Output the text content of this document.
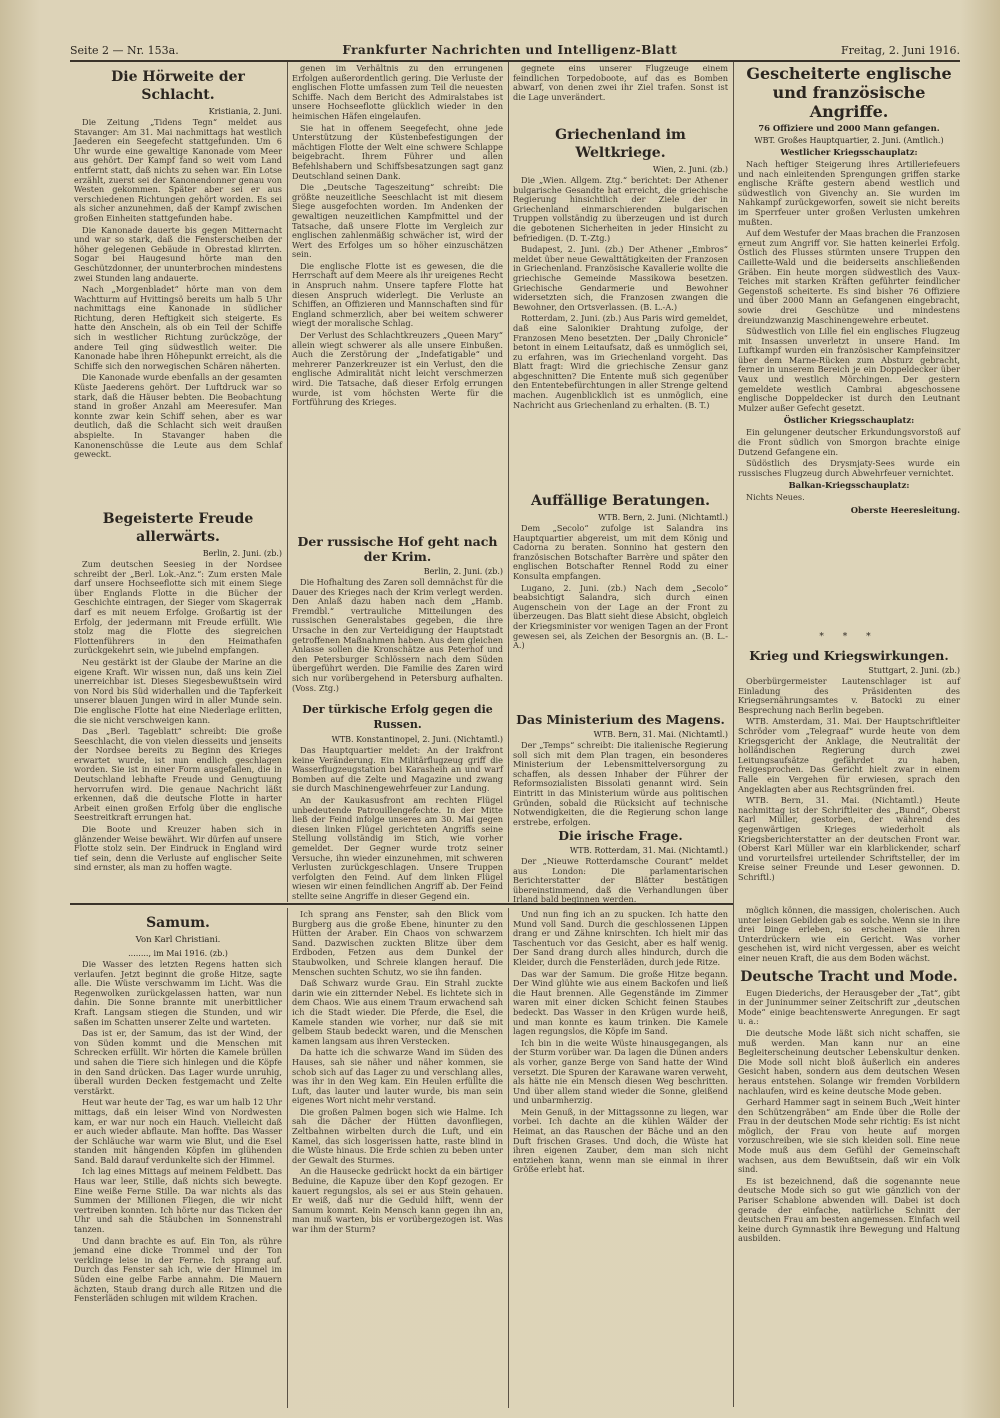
Seite 2 — Nr. 153a.	Frankfurter Nachrichten und Intelligenz-Blatt	Freitag, 2. Juni 1916.
Die Hörweite der Schlacht.
Kristiania, 2. Juni.

Die Zeitung „Tidens Tegn“ meldet aus Stavanger: Am 31. Mai nachmittags hat westlich Jaederen ein Seegefecht stattgefunden. Um 6 Uhr wurde eine gewaltige Kanonade vom Meer aus gehört. Der Kampf fand so weit vom Land entfernt statt, daß nichts zu sehen war. Ein Lotse erzählt, zuerst sei der Kanonendonner genau von Westen gekommen. Später aber sei er aus verschiedenen Richtungen gehört worden. Es sei als sicher anzunehmen, daß der Kampf zwischen großen Einheiten stattgefunden habe.

Die Kanonade dauerte bis gegen Mitternacht und war so stark, daß die Fensterscheiben der höher gelegenen Gebäude in Obrestad klirrten. Sogar bei Haugesund hörte man den Geschützdonner, der ununterbrochen mindestens zwei Stunden lang andauerte.

Nach „Morgenbladet“ hörte man von dem Wachtturm auf Hvittingsö bereits um halb 5 Uhr nachmittags eine Kanonade in südlicher Richtung, deren Heftigkeit sich steigerte. Es hatte den Anschein, als ob ein Teil der Schiffe sich in westlicher Richtung zurückzöge, der andere Teil ging südwestlich weiter. Die Kanonade habe ihren Höhepunkt erreicht, als die Schiffe sich den norwegischen Schären näherten.

Die Kanonade wurde ebenfalls an der gesamten Küste Jaederens gehört. Der Luftdruck war so stark, daß die Häuser bebten. Die Beobachtung stand in großer Anzahl am Meeresufer. Man konnte zwar kein Schiff sehen, aber es war deutlich, daß die Schlacht sich weit draußen abspielte. In Stavanger haben die Kanonenschüsse die Leute aus dem Schlaf geweckt.

Begeisterte Freude allerwärts.
Berlin, 2. Juni. (zb.)

Zum deutschen Seesieg in der Nordsee schreibt der „Berl. Lok.-Anz.“: Zum ersten Male darf unsere Hochseeflotte sich mit einem Siege über Englands Flotte in die Bücher der Geschichte eintragen, der Sieger vom Skagerrak darf es mit neuem Erfolge. Großartig ist der Erfolg, der jedermann mit Freude erfüllt. Wie stolz mag die Flotte des siegreichen Flottenführers in den Heimathafen zurückgekehrt sein, wie jubelnd empfangen.

Neu gestärkt ist der Glaube der Marine an die eigene Kraft. Wir wissen nun, daß uns kein Ziel unerreichbar ist. Dieses Siegesbewußtsein wird von Nord bis Süd widerhallen und die Tapferkeit unserer blauen Jungen wird in aller Munde sein. Die englische Flotte hat eine Niederlage erlitten, die sie nicht verschweigen kann.

Das „Berl. Tageblatt“ schreibt: Die große Seeschlacht, die von vielen diesseits und jenseits der Nordsee bereits zu Beginn des Krieges erwartet wurde, ist nun endlich geschlagen worden. Sie ist in einer Form ausgefallen, die in Deutschland lebhafte Freude und Genugtuung hervorrufen wird. Die genaue Nachricht läßt erkennen, daß die deutsche Flotte in harter Arbeit einen großen Erfolg über die englische Seestreitkraft errungen hat.

Die Boote und Kreuzer haben sich in glänzender Weise bewährt. Wir dürfen auf unsere Flotte stolz sein. Der Eindruck in England wird tief sein, denn die Verluste auf englischer Seite sind ernster, als man zu hoffen wagte.

genen im Verhältnis zu den errungenen Erfolgen außerordentlich gering. Die Verluste der englischen Flotte umfassen zum Teil die neuesten Schiffe. Nach dem Bericht des Admiralstabes ist unsere Hochseeflotte glücklich wieder in den heimischen Häfen eingelaufen.

Sie hat in offenem Seegefecht, ohne jede Unterstützung der Küstenbefestigungen der mächtigen Flotte der Welt eine schwere Schlappe beigebracht. Ihrem Führer und allen Befehlshabern und Schiffsbesatzungen sagt ganz Deutschland seinen Dank.

Die „Deutsche Tageszeitung“ schreibt: Die größte neuzeitliche Seeschlacht ist mit diesem Siege ausgefochten worden. Im Andenken der gewaltigen neuzeitlichen Kampfmittel und der Tatsache, daß unsere Flotte im Vergleich zur englischen zahlenmäßig schwächer ist, wird der Wert des Erfolges um so höher einzuschätzen sein.

Die englische Flotte ist es gewesen, die die Herrschaft auf dem Meere als ihr ureigenes Recht in Anspruch nahm. Unsere tapfere Flotte hat diesen Anspruch widerlegt. Die Verluste an Schiffen, an Offizieren und Mannschaften sind für England schmerzlich, aber bei weitem schwerer wiegt der moralische Schlag.

Der Verlust des Schlachtkreuzers „Queen Mary“ allein wiegt schwerer als alle unsere Einbußen. Auch die Zerstörung der „Indefatigable“ und mehrerer Panzerkreuzer ist ein Verlust, den die englische Admiralität nicht leicht verschmerzen wird. Die Tatsache, daß dieser Erfolg errungen wurde, ist vom höchsten Werte für die Fortführung des Krieges.

Der russische Hof geht nach der Krim.
Berlin, 2. Juni. (zb.)

Die Hofhaltung des Zaren soll demnächst für die Dauer des Krieges nach der Krim verlegt werden. Den Anlaß dazu haben nach dem „Hamb. Fremdbl.“ vertrauliche Mitteilungen des russischen Generalstabes gegeben, die ihre Ursache in den zur Verteidigung der Hauptstadt getroffenen Maßnahmen haben. Aus dem gleichen Anlasse sollen die Kronschätze aus Peterhof und den Petersburger Schlössern nach dem Süden übergeführt werden. Die Familie des Zaren wird sich nur vorübergehend in Petersburg aufhalten. (Voss. Ztg.)

Der türkische Erfolg gegen die Russen.
WTB. Konstantinopel, 2. Juni. (Nichtamtl.)

Das Hauptquartier meldet: An der Irakfront keine Veränderung. Ein Militärflugzeug griff die Wasserflugzeugstation bei Karasheih an und warf Bomben auf die Zelte und Magazine und zwang sie durch Maschinengewehrfeuer zur Landung.

An der Kaukasusfront am rechten Flügel unbedeutende Patrouillengefechte. In der Mitte ließ der Feind infolge unseres am 30. Mai gegen diesen linken Flügel gerichteten Angriffs seine Stellung vollständig im Stich, wie vorher gemeldet. Der Gegner wurde trotz seiner Versuche, ihn wieder einzunehmen, mit schweren Verlusten zurückgeschlagen. Unsere Truppen verfolgten den Feind. Auf dem linken Flügel wiesen wir einen feindlichen Angriff ab. Der Feind stellte seine Angriffe in dieser Gegend ein.

gegnete eins unserer Flugzeuge einem feindlichen Torpedoboote, auf das es Bomben abwarf, von denen zwei ihr Ziel trafen. Sonst ist die Lage unverändert.

Griechenland im Weltkriege.
Wien, 2. Juni. (zb.)

Die „Wien. Allgem. Ztg.“ berichtet: Der Athener bulgarische Gesandte hat erreicht, die griechische Regierung hinsichtlich der Ziele der in Griechenland einmarschierenden bulgarischen Truppen vollständig zu überzeugen und ist durch die gebotenen Sicherheiten in jeder Hinsicht zu befriedigen. (D. T.-Ztg.)

Budapest, 2. Juni. (zb.) Der Athener „Embros“ meldet über neue Gewalttätigkeiten der Franzosen in Griechenland. Französische Kavallerie wollte die griechische Gemeinde Massikowa besetzen. Griechische Gendarmerie und Bewohner widersetzten sich, die Franzosen zwangen die Bewohner, den Ortsverlassen. (B. L.-A.)

Rotterdam, 2. Juni. (zb.) Aus Paris wird gemeldet, daß eine Salonikier Drahtung zufolge, der Franzosen Meno besetzten. Der „Daily Chronicle“ betont in einem Leitaufsatz, daß es unmöglich sei, zu erfahren, was im Griechenland vorgeht. Das Blatt fragt: Wird die griechische Zensur ganz abgeschnitten? Die Entente muß sich gegenüber den Ententebefürchtungen in aller Strenge geltend machen. Augenblicklich ist es unmöglich, eine Nachricht aus Griechenland zu erhalten. (B. T.)

Auffällige Beratungen.
WTB. Bern, 2. Juni. (Nichtamtl.)

Dem „Secolo“ zufolge ist Salandra ins Hauptquartier abgereist, um mit dem König und Cadorna zu beraten. Sonnino hat gestern den französischen Botschafter Barrère und später den englischen Botschafter Rennel Rodd zu einer Konsulta empfangen.

Lugano, 2. Juni. (zb.) Nach dem „Secolo“ beabsichtigt Salandra, sich durch einen Augenschein von der Lage an der Front zu überzeugen. Das Blatt sieht diese Absicht, obgleich der Kriegsminister vor wenigen Tagen an der Front gewesen sei, als Zeichen der Besorgnis an. (B. L.-A.)

Das Ministerium des Magens.
WTB. Bern, 31. Mai. (Nichtamtl.)

Der „Temps“ schreibt: Die italienische Regierung soll sich mit dem Plan tragen, ein besonderes Ministerium der Lebensmittelversorgung zu schaffen, als dessen Inhaber der Führer der Reformsozialisten Bissolati genannt wird. Sein Eintritt in das Ministerium würde aus politischen Gründen, sobald die Rücksicht auf technische Notwendigkeiten, die die Regierung schon lange erstrebe, erfolgen.

Die irische Frage.
WTB. Rotterdam, 31. Mai. (Nichtamtl.)

Der „Nieuwe Rotterdamsche Courant“ meldet aus London: Die parlamentarischen Berichterstatter der Blätter bestätigen übereinstimmend, daß die Verhandlungen über Irland bald beginnen werden.

Gescheiterte englische und französische Angriffe.
76 Offiziere und 2000 Mann gefangen.
WBT. Großes Hauptquartier, 2. Juni. (Amtlich.)
Westlicher Kriegsschauplatz:

Nach heftiger Steigerung ihres Artilleriefeuers und nach einleitenden Sprengungen griffen starke englische Kräfte gestern abend westlich und südwestlich von Givenchy an. Sie wurden im Nahkampf zurückgeworfen, soweit sie nicht bereits im Sperrfeuer unter großen Verlusten umkehren mußten.

Auf dem Westufer der Maas brachen die Franzosen erneut zum Angriff vor. Sie hatten keinerlei Erfolg. Östlich des Flusses stürmten unsere Truppen den Caillette-Wald und die beiderseits anschließenden Gräben. Ein heute morgen südwestlich des Vaux-Teiches mit starken Kräften geführter feindlicher Gegenstoß scheiterte. Es sind bisher 76 Offiziere und über 2000 Mann an Gefangenen eingebracht, sowie drei Geschütze und mindestens dreiundzwanzig Maschinengewehre erbeutet.

Südwestlich von Lille fiel ein englisches Flugzeug mit Insassen unverletzt in unsere Hand. Im Luftkampf wurden ein französischer Kampfeinsitzer über dem Marne-Rücken zum Absturz gebracht, ferner in unserem Bereich je ein Doppeldecker über Vaux und westlich Mörchingen. Der gestern gemeldete westlich Cambrai abgeschossene englische Doppeldecker ist durch den Leutnant Mulzer außer Gefecht gesetzt.

Östlicher Kriegsschauplatz:

Ein gelungener deutscher Erkundungsvorstoß auf die Front südlich von Smorgon brachte einige Dutzend Gefangene ein.

Südöstlich des Drysmjaty-Sees wurde ein russisches Flugzeug durch Abwehrfeuer vernichtet.

Balkan-Kriegsschauplatz:

Nichts Neues.

Oberste Heeresleitung.
* * *
Krieg und Kriegswirkungen.
Stuttgart, 2. Juni. (zb.)

Oberbürgermeister Lautenschlager ist auf Einladung des Präsidenten des Kriegsernährungsamtes v. Batocki zu einer Besprechung nach Berlin begeben.

WTB. Amsterdam, 31. Mai. Der Hauptschriftleiter Schröder vom „Telegraaf“ wurde heute von dem Kriegsgericht der Anklage, die Neutralität der holländischen Regierung durch zwei Leitungsaufsätze gefährdet zu haben, freigesprochen. Das Gericht hielt zwar in einem Falle ein Vergehen für erwiesen, sprach den Angeklagten aber aus Rechtsgründen frei.

WTB. Bern, 31. Mai. (Nichtamtl.) Heute nachmittag ist der Schriftleiter des „Bund“, Oberst Karl Müller, gestorben, der während des gegenwärtigen Krieges wiederholt als Kriegsberichterstatter an der deutschen Front war. (Oberst Karl Müller war ein klarblickender, scharf und vorurteilsfrei urteilender Schriftsteller, der im Kreise seiner Freunde und Leser gewonnen. D. Schriftl.)

möglich können, die massigen, cholerischen. Auch unter leisen Gebilden gab es solche. Wenn sie in ihre drei Dinge erleben, so erscheinen sie ihren Unterdrückern wie ein Gericht. Was vorher geschehen ist, wird nicht vergessen, aber es weicht einer neuen Kraft, die aus dem Boden wächst.

Deutsche Tracht und Mode.

Eugen Diederichs, der Herausgeber der „Tat“, gibt in der Juninummer seiner Zeitschrift zur „deutschen Mode“ einige beachtenswerte Anregungen. Er sagt u. a.:

Die deutsche Mode läßt sich nicht schaffen, sie muß werden. Man kann nur an eine Begleiterscheinung deutscher Lebenskultur denken. Die Mode soll nicht bloß äußerlich ein anderes Gesicht haben, sondern aus dem deutschen Wesen heraus entstehen. Solange wir fremden Vorbildern nachlaufen, wird es keine deutsche Mode geben.

Gerhard Hammer sagt in seinem Buch „Weit hinter den Schützengräben“ am Ende über die Rolle der Frau in der deutschen Mode sehr richtig: Es ist nicht möglich, der Frau von heute auf morgen vorzuschreiben, wie sie sich kleiden soll. Eine neue Mode muß aus dem Gefühl der Gemeinschaft wachsen, aus dem Bewußtsein, daß wir ein Volk sind.

Es ist bezeichnend, daß die sogenannte neue deutsche Mode sich so gut wie gänzlich von der Pariser Schablone abwenden will. Dabei ist doch gerade der einfache, natürliche Schnitt der deutschen Frau am besten angemessen. Einfach weil keine durch Gymnastik ihre Bewegung und Haltung ausbilden.

Samum.
Von Karl Christiani.
........, im Mai 1916. (zb.)

Die Wasser des letzten Regens hatten sich verlaufen. Jetzt beginnt die große Hitze, sagte alle. Die Wüste verschwamm im Licht. Was die Regenwolken zurückgelassen hatten, war nun dahin. Die Sonne brannte mit unerbittlicher Kraft. Langsam stiegen die Stunden, und wir saßen im Schatten unserer Zelte und warteten.

Das ist er, der Samum, das ist der Wind, der von Süden kommt und die Menschen mit Schrecken erfüllt. Wir hörten die Kamele brüllen und sahen die Tiere sich hinlegen und die Köpfe in den Sand drücken. Das Lager wurde unruhig, überall wurden Decken festgemacht und Zelte verstärkt.

Heut war heute der Tag, es war um halb 12 Uhr mittags, daß ein leiser Wind von Nordwesten kam, er war nur noch ein Hauch. Vielleicht daß er auch wieder abflaute. Man hoffte. Das Wasser der Schläuche war warm wie Blut, und die Esel standen mit hängenden Köpfen im glühenden Sand. Bald darauf verdunkelte sich der Himmel.

Ich lag eines Mittags auf meinem Feldbett. Das Haus war leer, Stille, daß nichts sich bewegte. Eine weiße Ferne Stille. Da war nichts als das Summen der Millionen Fliegen, die wir nicht vertreiben konnten. Ich hörte nur das Ticken der Uhr und sah die Stäubchen im Sonnenstrahl tanzen.

Und dann brachte es auf. Ein Ton, als rühre jemand eine dicke Trommel und der Ton verklinge leise in der Ferne. Ich sprang auf. Durch das Fenster sah ich, wie der Himmel im Süden eine gelbe Farbe annahm. Die Mauern ächzten, Staub drang durch alle Ritzen und die Fensterläden schlugen mit wildem Krachen.

Ich sprang ans Fenster, sah den Blick vom Burgberg aus die große Ebene, hinunter zu den Hütten der Araber. Ein Chaos von schwarzem Sand. Dazwischen zuckten Blitze über dem Erdboden, Fetzen aus dem Dunkel der Staubwolken, und Schreie klangen herauf. Die Menschen suchten Schutz, wo sie ihn fanden.

Daß Schwarz wurde Grau. Ein Strahl zuckte darin wie ein zitternder Nebel. Es lichtete sich in dem Chaos. Wie aus einem Traum erwachend sah ich die Stadt wieder. Die Pferde, die Esel, die Kamele standen wie vorher, nur daß sie mit gelbem Staub bedeckt waren, und die Menschen kamen langsam aus ihren Verstecken.

Da hatte ich die schwarze Wand im Süden des Hauses, sah sie näher und näher kommen, sie schob sich auf das Lager zu und verschlang alles, was ihr in den Weg kam. Ein Heulen erfüllte die Luft, das lauter und lauter wurde, bis man sein eigenes Wort nicht mehr verstand.

Die großen Palmen bogen sich wie Halme. Ich sah die Dächer der Hütten davonfliegen, Zeltbahnen wirbelten durch die Luft, und ein Kamel, das sich losgerissen hatte, raste blind in die Wüste hinaus. Die Erde schien zu beben unter der Gewalt des Sturmes.

An die Hausecke gedrückt hockt da ein bärtiger Beduine, die Kapuze über den Kopf gezogen. Er kauert regungslos, als sei er aus Stein gehauen. Er weiß, daß nur die Geduld hilft, wenn der Samum kommt. Kein Mensch kann gegen ihn an, man muß warten, bis er vorübergezogen ist. Was war ihm der Sturm?

Und nun fing ich an zu spucken. Ich hatte den Mund voll Sand. Durch die geschlossenen Lippen drang er und Zähne knirschten. Ich hielt mir das Taschentuch vor das Gesicht, aber es half wenig. Der Sand drang durch alles hindurch, durch die Kleider, durch die Fensterläden, durch jede Ritze.

Das war der Samum. Die große Hitze begann. Der Wind glühte wie aus einem Backofen und ließ die Haut brennen. Alle Gegenstände im Zimmer waren mit einer dicken Schicht feinen Staubes bedeckt. Das Wasser in den Krügen wurde heiß, und man konnte es kaum trinken. Die Kamele lagen regungslos, die Köpfe im Sand.

Ich bin in die weite Wüste hinausgegangen, als der Sturm vorüber war. Da lagen die Dünen anders als vorher, ganze Berge von Sand hatte der Wind versetzt. Die Spuren der Karawane waren verweht, als hätte nie ein Mensch diesen Weg beschritten. Und über allem stand wieder die Sonne, gleißend und unbarmherzig.

Mein Genuß, in der Mittagssonne zu liegen, war vorbei. Ich dachte an die kühlen Wälder der Heimat, an das Rauschen der Bäche und an den Duft frischen Grases. Und doch, die Wüste hat ihren eigenen Zauber, dem man sich nicht entziehen kann, wenn man sie einmal in ihrer Größe erlebt hat.
